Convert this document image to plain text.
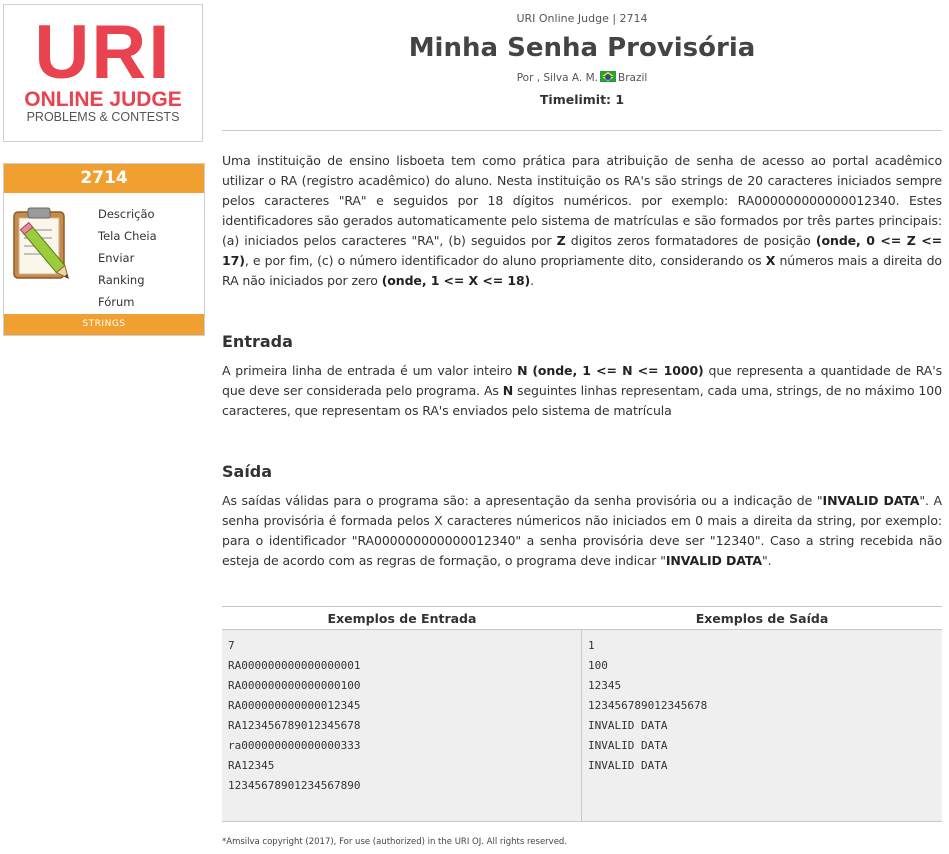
URI
ONLINE JUDGE
PROBLEMS & CONTESTS
2714
Descrição
Tela Cheia
Enviar
Ranking
Fórum
STRINGS
URI Online Judge | 2714
Minha Senha Provisória
Por , Silva A. M. Brazil
Timelimit: 1

Uma instituição de ensino lisboeta tem como prática para atribuição de senha de acesso ao portal acadêmico utilizar o RA (registro acadêmico) do aluno. Nesta instituição os RA's são strings de 20 caracteres iniciados sempre pelos caracteres "RA" e seguidos por 18 dígitos numéricos. por exemplo: RA000000000000012340. Estes identificadores são gerados automaticamente pelo sistema de matrículas e são formados por três partes principais: (a) iniciados pelos caracteres "RA", (b) seguidos por Z digitos zeros formatadores de posição (onde, 0 <= Z <= 17), e por fim, (c) o número identificador do aluno propriamente dito, considerando os X números mais a direita do RA não iniciados por zero (onde, 1 <= X <= 18).

Entrada

A primeira linha de entrada é um valor inteiro N (onde, 1 <= N <= 1000) que representa a quantidade de RA's que deve ser considerada pelo programa. As N seguintes linhas representam, cada uma, strings, de no máximo 100 caracteres, que representam os RA's enviados pelo sistema de matrícula

Saída

As saídas válidas para o programa são: a apresentação da senha provisória ou a indicação de "INVALID DATA". A senha provisória é formada pelos X caracteres númericos não iniciados em 0 mais a direita da string, por exemplo: para o identificador "RA000000000000012340" a senha provisória deve ser "12340". Caso a string recebida não esteja de acordo com as regras de formação, o programa deve indicar "INVALID DATA".

Exemplos de Entrada	Exemplos de Saída
7
RA000000000000000001
RA000000000000000100
RA000000000000012345
RA123456789012345678
ra000000000000000333
RA12345
12345678901234567890
1
100
12345
123456789012345678
INVALID DATA
INVALID DATA
INVALID DATA
*Amsilva copyright (2017), For use (authorized) in the URI OJ. All rights reserved.
